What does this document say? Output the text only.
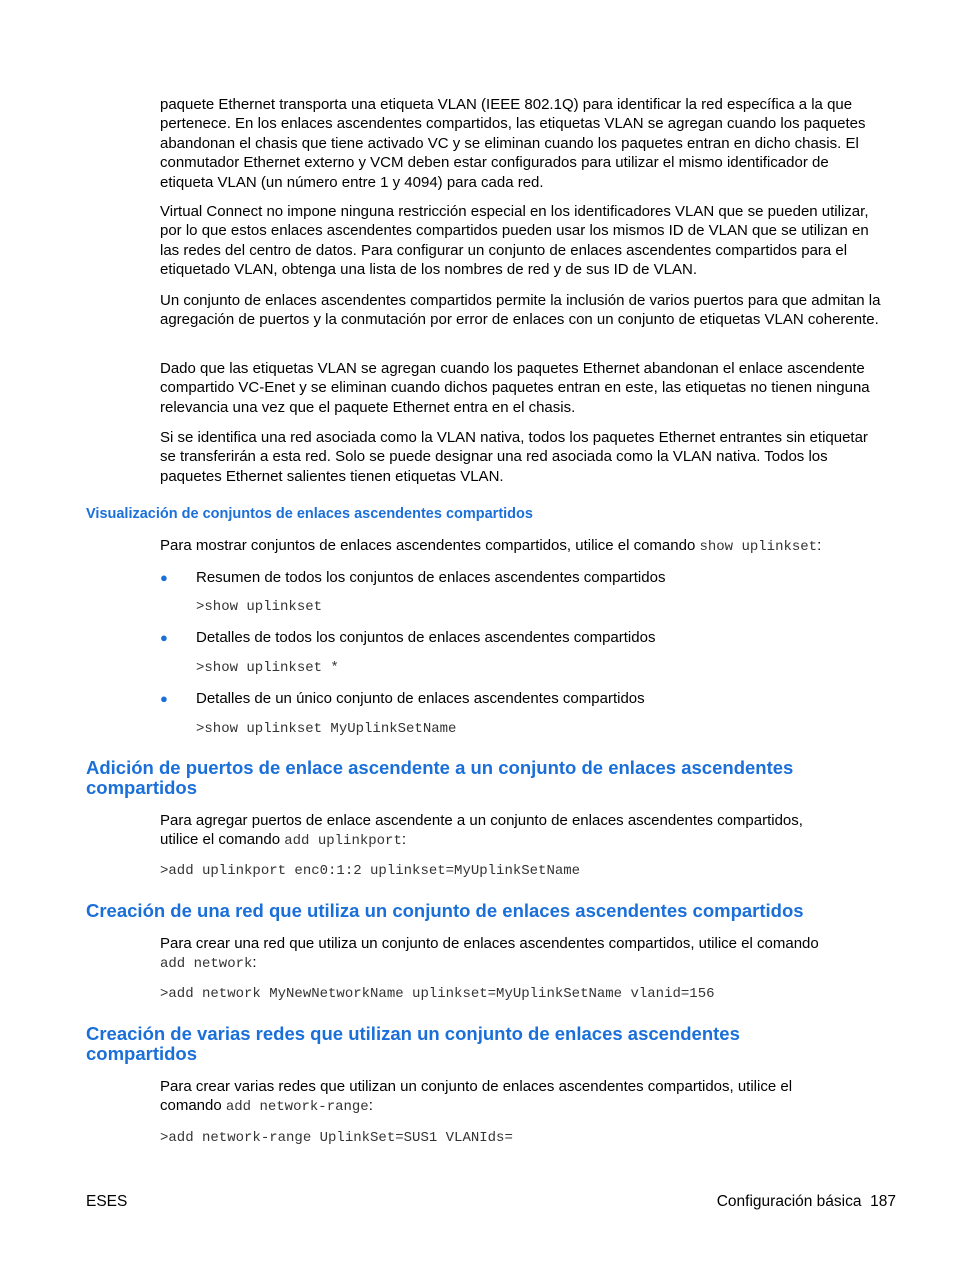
paquete Ethernet transporta una etiqueta VLAN (IEEE 802.1Q) para identificar la red específica a la que pertenece. En los enlaces ascendentes compartidos, las etiquetas VLAN se agregan cuando los paquetes abandonan el chasis que tiene activado VC y se eliminan cuando los paquetes entran en dicho chasis. El conmutador Ethernet externo y VCM deben estar configurados para utilizar el mismo identificador de etiqueta VLAN (un número entre 1 y 4094) para cada red.

Virtual Connect no impone ninguna restricción especial en los identificadores VLAN que se pueden utilizar, por lo que estos enlaces ascendentes compartidos pueden usar los mismos ID de VLAN que se utilizan en las redes del centro de datos. Para configurar un conjunto de enlaces ascendentes compartidos para el etiquetado VLAN, obtenga una lista de los nombres de red y de sus ID de VLAN.

Un conjunto de enlaces ascendentes compartidos permite la inclusión de varios puertos para que admitan la agregación de puertos y la conmutación por error de enlaces con un conjunto de etiquetas VLAN coherente.

Dado que las etiquetas VLAN se agregan cuando los paquetes Ethernet abandonan el enlace ascendente compartido VC-Enet y se eliminan cuando dichos paquetes entran en este, las etiquetas no tienen ninguna relevancia una vez que el paquete Ethernet entra en el chasis.

Si se identifica una red asociada como la VLAN nativa, todos los paquetes Ethernet entrantes sin etiquetar se transferirán a esta red. Solo se puede designar una red asociada como la VLAN nativa. Todos los paquetes Ethernet salientes tienen etiquetas VLAN.

Visualización de conjuntos de enlaces ascendentes compartidos

Para mostrar conjuntos de enlaces ascendentes compartidos, utilice el comando show uplinkset:

● Resumen de todos los conjuntos de enlaces ascendentes compartidos
>show uplinkset
● Detalles de todos los conjuntos de enlaces ascendentes compartidos
>show uplinkset *
● Detalles de un único conjunto de enlaces ascendentes compartidos
>show uplinkset MyUplinkSetName
Adición de puertos de enlace ascendente a un conjunto de enlaces ascendentes
compartidos
Para agregar puertos de enlace ascendente a un conjunto de enlaces ascendentes compartidos,
utilice el comando add uplinkport:
>add uplinkport enc0:1:2 uplinkset=MyUplinkSetName
Creación de una red que utiliza un conjunto de enlaces ascendentes compartidos
Para crear una red que utiliza un conjunto de enlaces ascendentes compartidos, utilice el comando
add network:
>add network MyNewNetworkName uplinkset=MyUplinkSetName vlanid=156
Creación de varias redes que utilizan un conjunto de enlaces ascendentes
compartidos
Para crear varias redes que utilizan un conjunto de enlaces ascendentes compartidos, utilice el
comando add network-range:
>add network-range UplinkSet=SUS1 VLANIds=
ESES	Configuración básica 187
